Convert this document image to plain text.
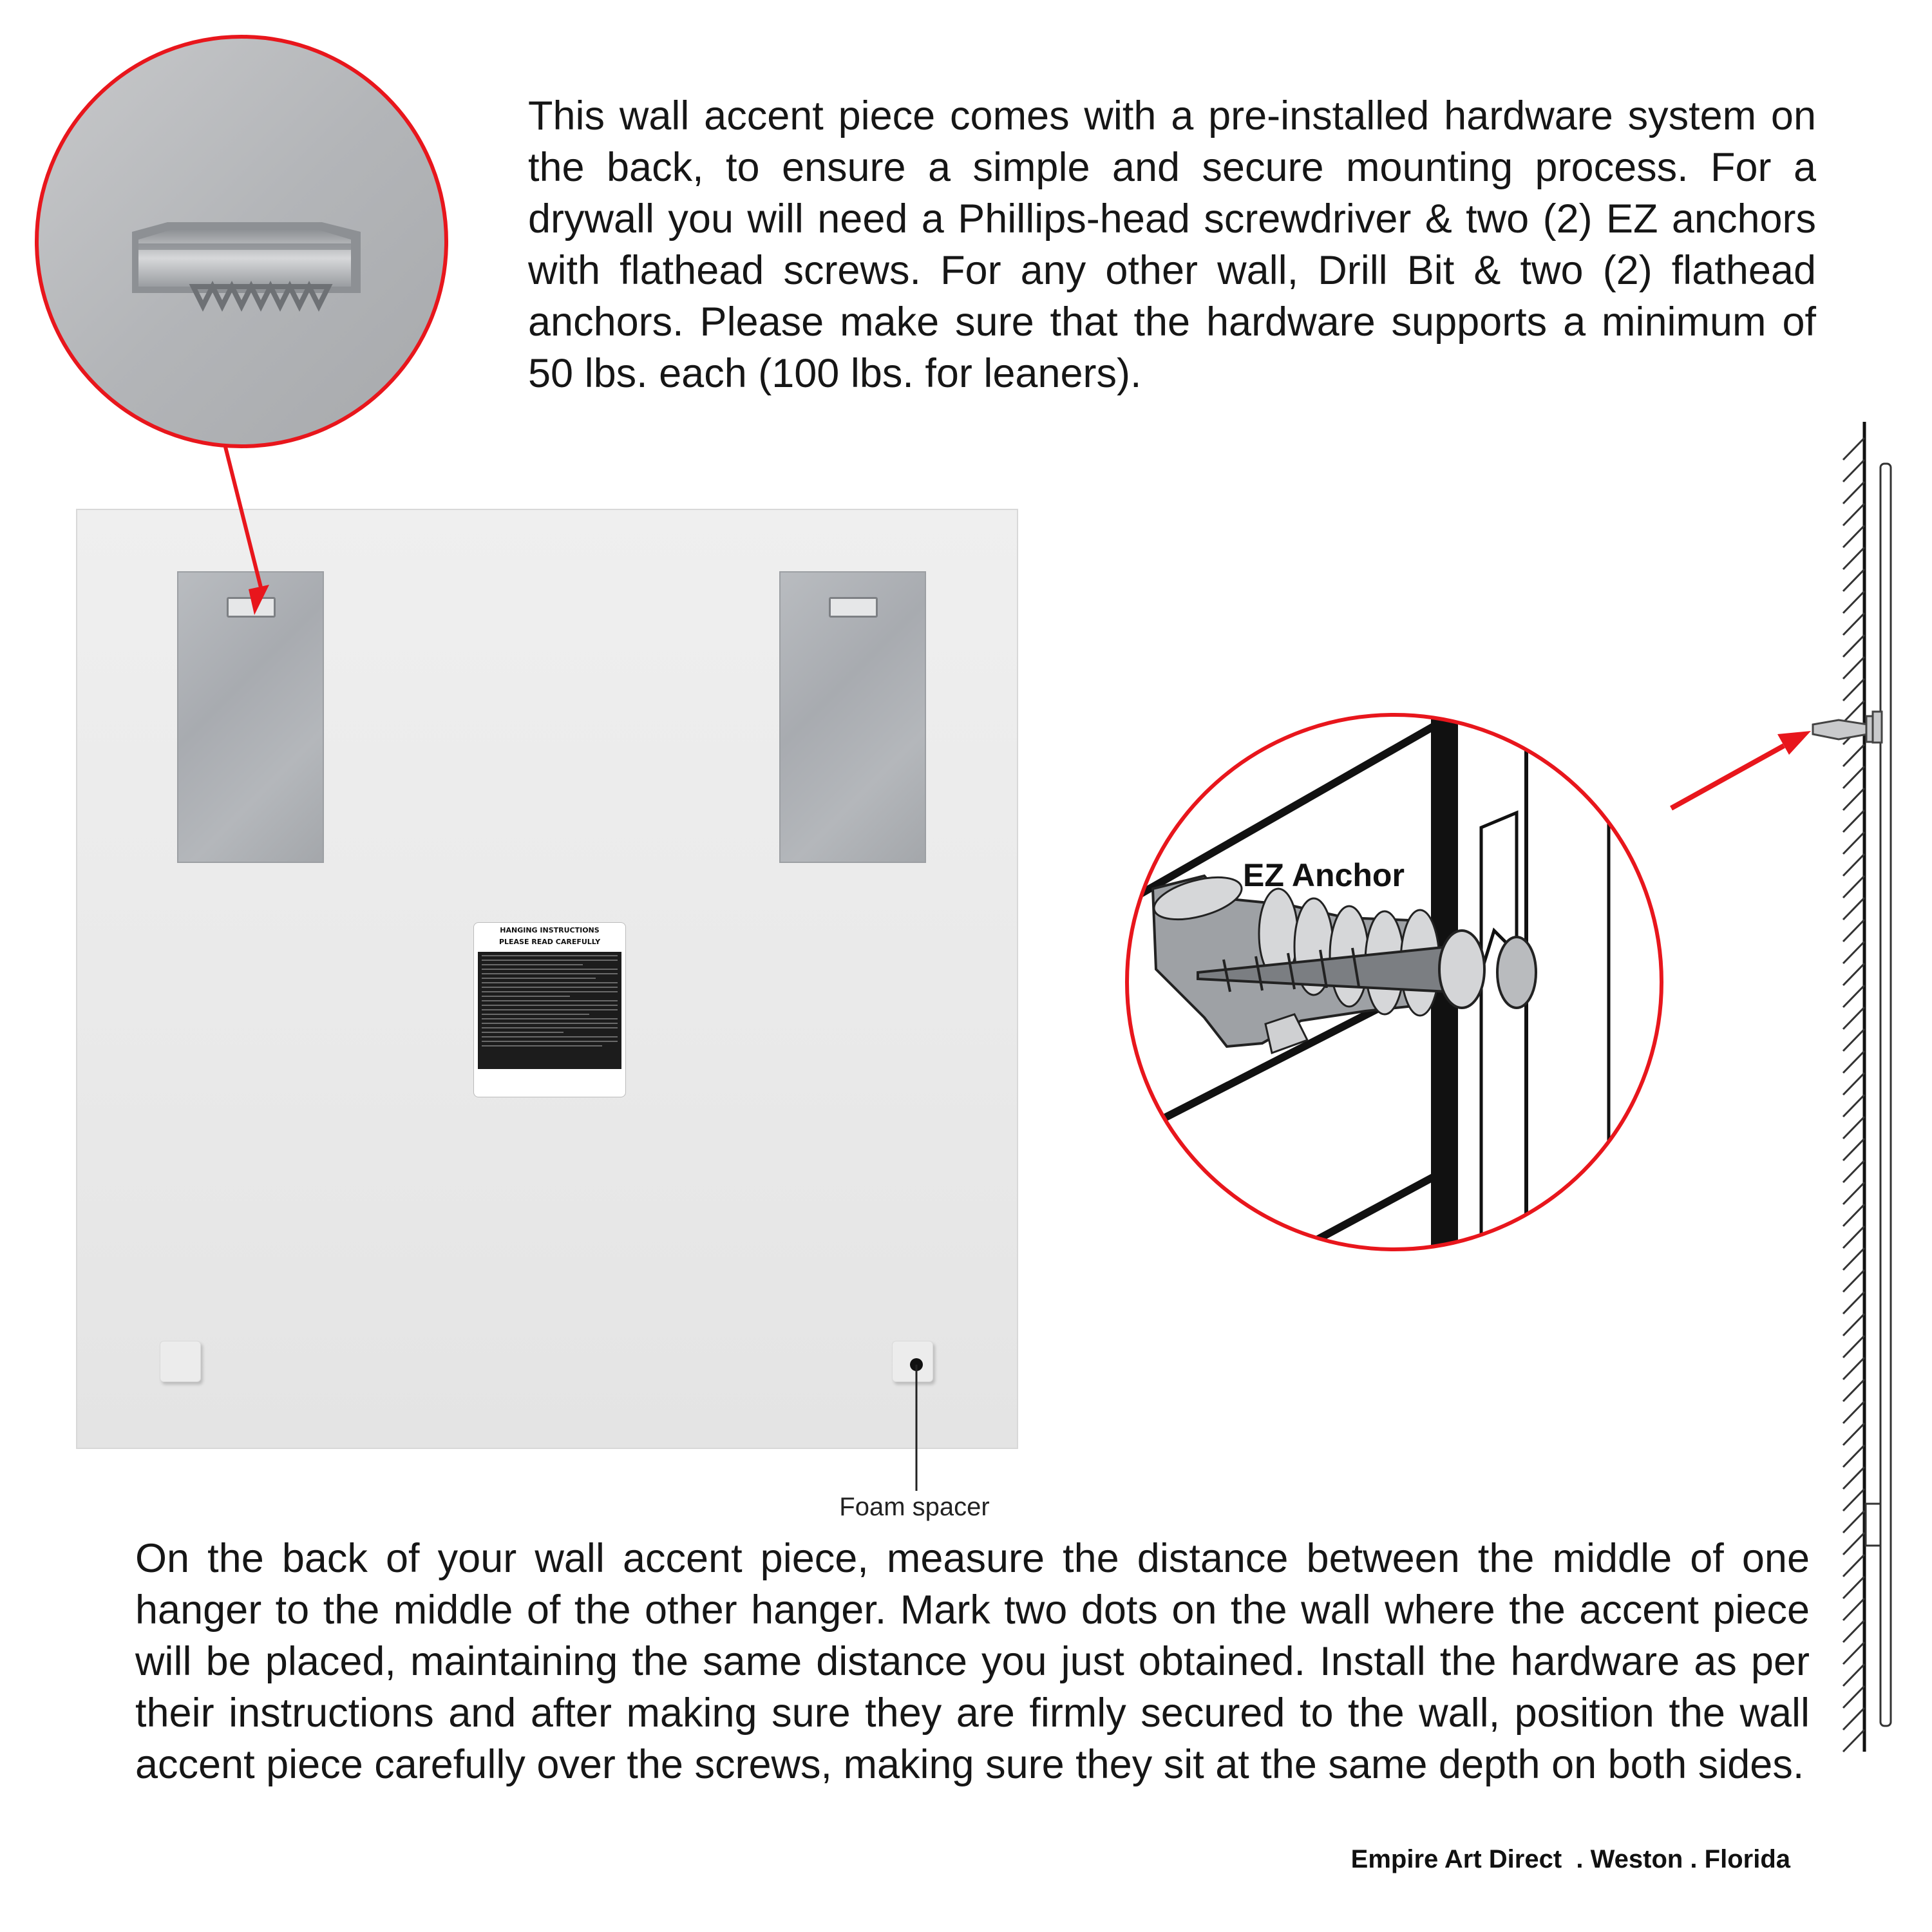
This wall accent piece comes with a pre-installed hardware system on the back, to ensure a simple and secure mounting process. For a drywall you will need a Phillips-head screwdriver & two (2) EZ anchors with flathead screws. For any other wall, Drill Bit & two (2) flathead anchors. Please make sure that the hardware supports a minimum of 50 lbs. each (100 lbs. for leaners).
HANGING INSTRUCTIONS
PLEASE READ CAREFULLY
Foam spacer
EZ Anchor
On the back of your wall accent piece, measure the distance between the middle of one hanger to the middle of the other hanger. Mark two dots on the wall where the accent piece will be placed, maintaining the same distance you just obtained. Install the hardware as per their instructions and after making sure they are firmly secured to the wall, position the wall accent piece carefully over the screws, making sure they sit at the same depth on both sides.
Empire Art Direct  . Weston . Florida
